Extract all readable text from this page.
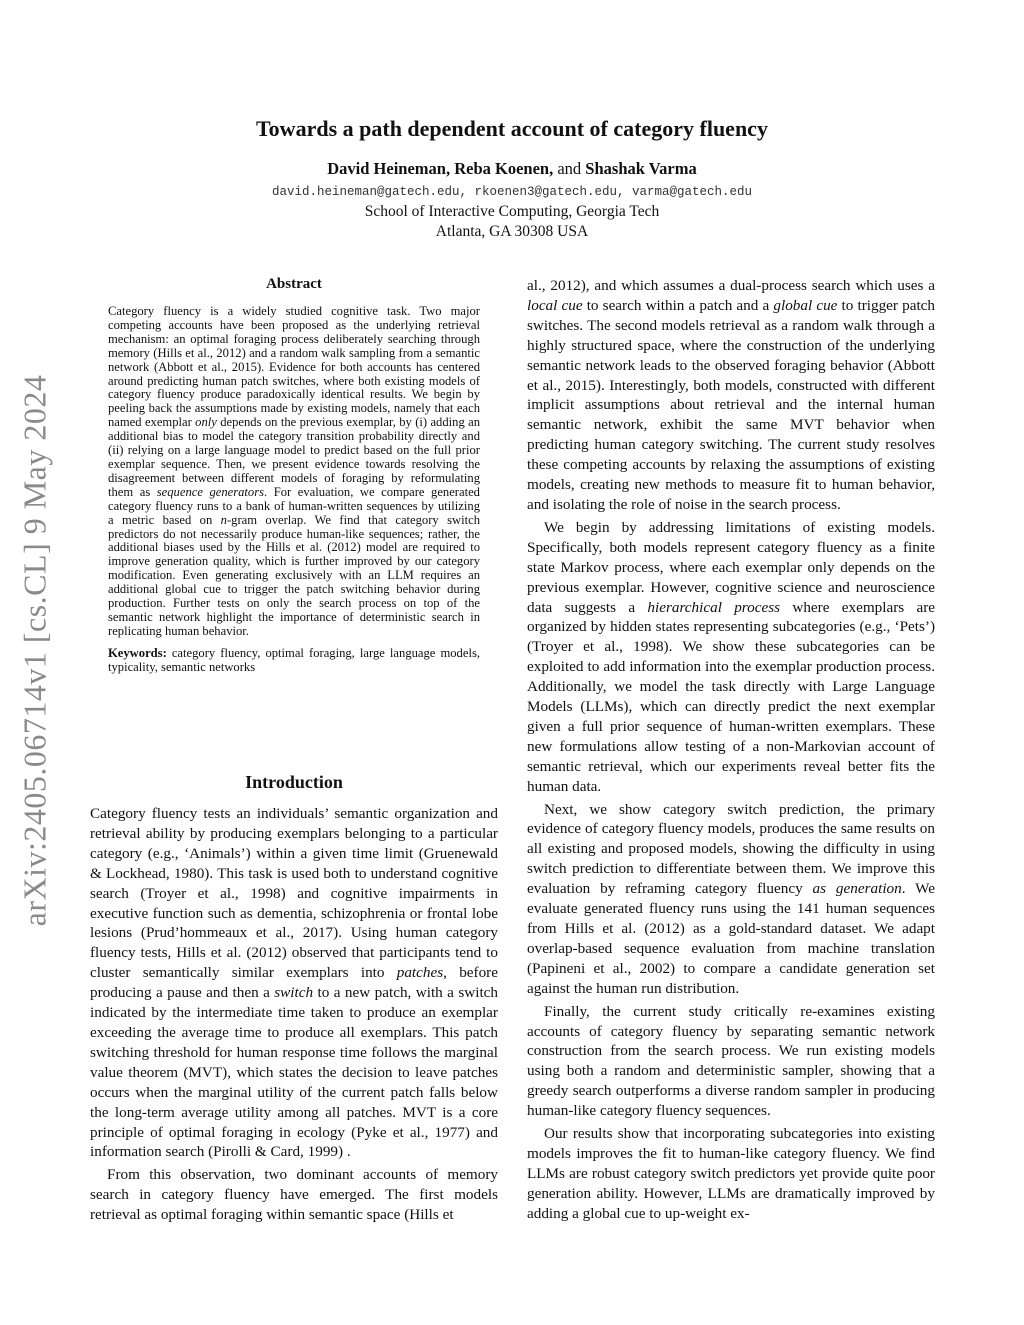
arXiv:2405.06714v1 [cs.CL] 9 May 2024
Towards a path dependent account of category fluency
David Heineman, Reba Koenen, and Shashak Varma
david.heineman@gatech.edu, rkoenen3@gatech.edu, varma@gatech.edu
School of Interactive Computing, Georgia Tech
Atlanta, GA 30308 USA
Abstract

Category fluency is a widely studied cognitive task. Two major competing accounts have been proposed as the underlying retrieval mechanism: an optimal foraging process deliberately searching through memory (Hills et al., 2012) and a random walk sampling from a semantic network (Abbott et al., 2015). Evidence for both accounts has centered around predicting human patch switches, where both existing models of category fluency produce paradoxically identical results. We begin by peeling back the assumptions made by existing models, namely that each named exemplar only depends on the previous exemplar, by (i) adding an additional bias to model the category transition probability directly and (ii) relying on a large language model to predict based on the full prior exemplar sequence. Then, we present evidence towards resolving the disagreement between different models of foraging by reformulating them as sequence generators. For evaluation, we compare generated category fluency runs to a bank of human-written sequences by utilizing a metric based on n-gram overlap. We find that category switch predictors do not necessarily produce human-like sequences; rather, the additional biases used by the Hills et al. (2012) model are required to improve generation quality, which is further improved by our category modification. Even generating exclusively with an LLM requires an additional global cue to trigger the patch switching behavior during production. Further tests on only the search process on top of the semantic network highlight the importance of deterministic search in replicating human behavior.

Keywords: category fluency, optimal foraging, large language models, typicality, semantic networks
Introduction

Category fluency tests an individuals’ semantic organization and retrieval ability by producing exemplars belonging to a particular category (e.g., ‘Animals’) within a given time limit (Gruenewald & Lockhead, 1980). This task is used both to understand cognitive search (Troyer et al., 1998) and cognitive impairments in executive function such as dementia, schizophrenia or frontal lobe lesions (Prud’hommeaux et al., 2017). Using human category fluency tests, Hills et al. (2012) observed that participants tend to cluster semantically similar exemplars into patches, before producing a pause and then a switch to a new patch, with a switch indicated by the intermediate time taken to produce an exemplar exceeding the average time to produce all exemplars. This patch switching threshold for human response time follows the marginal value theorem (MVT), which states the decision to leave patches occurs when the marginal utility of the current patch falls below the long-term average utility among all patches. MVT is a core principle of optimal foraging in ecology (Pyke et al., 1977) and information search (Pirolli & Card, 1999) .

From this observation, two dominant accounts of memory search in category fluency have emerged. The first models retrieval as optimal foraging within semantic space (Hills et

al., 2012), and which assumes a dual-process search which uses a local cue to search within a patch and a global cue to trigger patch switches. The second models retrieval as a random walk through a highly structured space, where the construction of the underlying semantic network leads to the observed foraging behavior (Abbott et al., 2015). Interestingly, both models, constructed with different implicit assumptions about retrieval and the internal human semantic network, exhibit the same MVT behavior when predicting human category switching. The current study resolves these competing accounts by relaxing the assumptions of existing models, creating new methods to measure fit to human behavior, and isolating the role of noise in the search process.

We begin by addressing limitations of existing models. Specifically, both models represent category fluency as a finite state Markov process, where each exemplar only depends on the previous exemplar. However, cognitive science and neuroscience data suggests a hierarchical process where exemplars are organized by hidden states representing subcategories (e.g., ‘Pets’) (Troyer et al., 1998). We show these subcategories can be exploited to add information into the exemplar production process. Additionally, we model the task directly with Large Language Models (LLMs), which can directly predict the next exemplar given a full prior sequence of human-written exemplars. These new formulations allow testing of a non-Markovian account of semantic retrieval, which our experiments reveal better fits the human data.

Next, we show category switch prediction, the primary evidence of category fluency models, produces the same results on all existing and proposed models, showing the difficulty in using switch prediction to differentiate between them. We improve this evaluation by reframing category fluency as generation. We evaluate generated fluency runs using the 141 human sequences from Hills et al. (2012) as a gold-standard dataset. We adapt overlap-based sequence evaluation from machine translation (Papineni et al., 2002) to compare a candidate generation set against the human run distribution.

Finally, the current study critically re-examines existing accounts of category fluency by separating semantic network construction from the search process. We run existing models using both a random and deterministic sampler, showing that a greedy search outperforms a diverse random sampler in producing human-like category fluency sequences.

Our results show that incorporating subcategories into existing models improves the fit to human-like category fluency. We find LLMs are robust category switch predictors yet provide quite poor generation ability. However, LLMs are dramatically improved by adding a global cue to up-weight ex-
